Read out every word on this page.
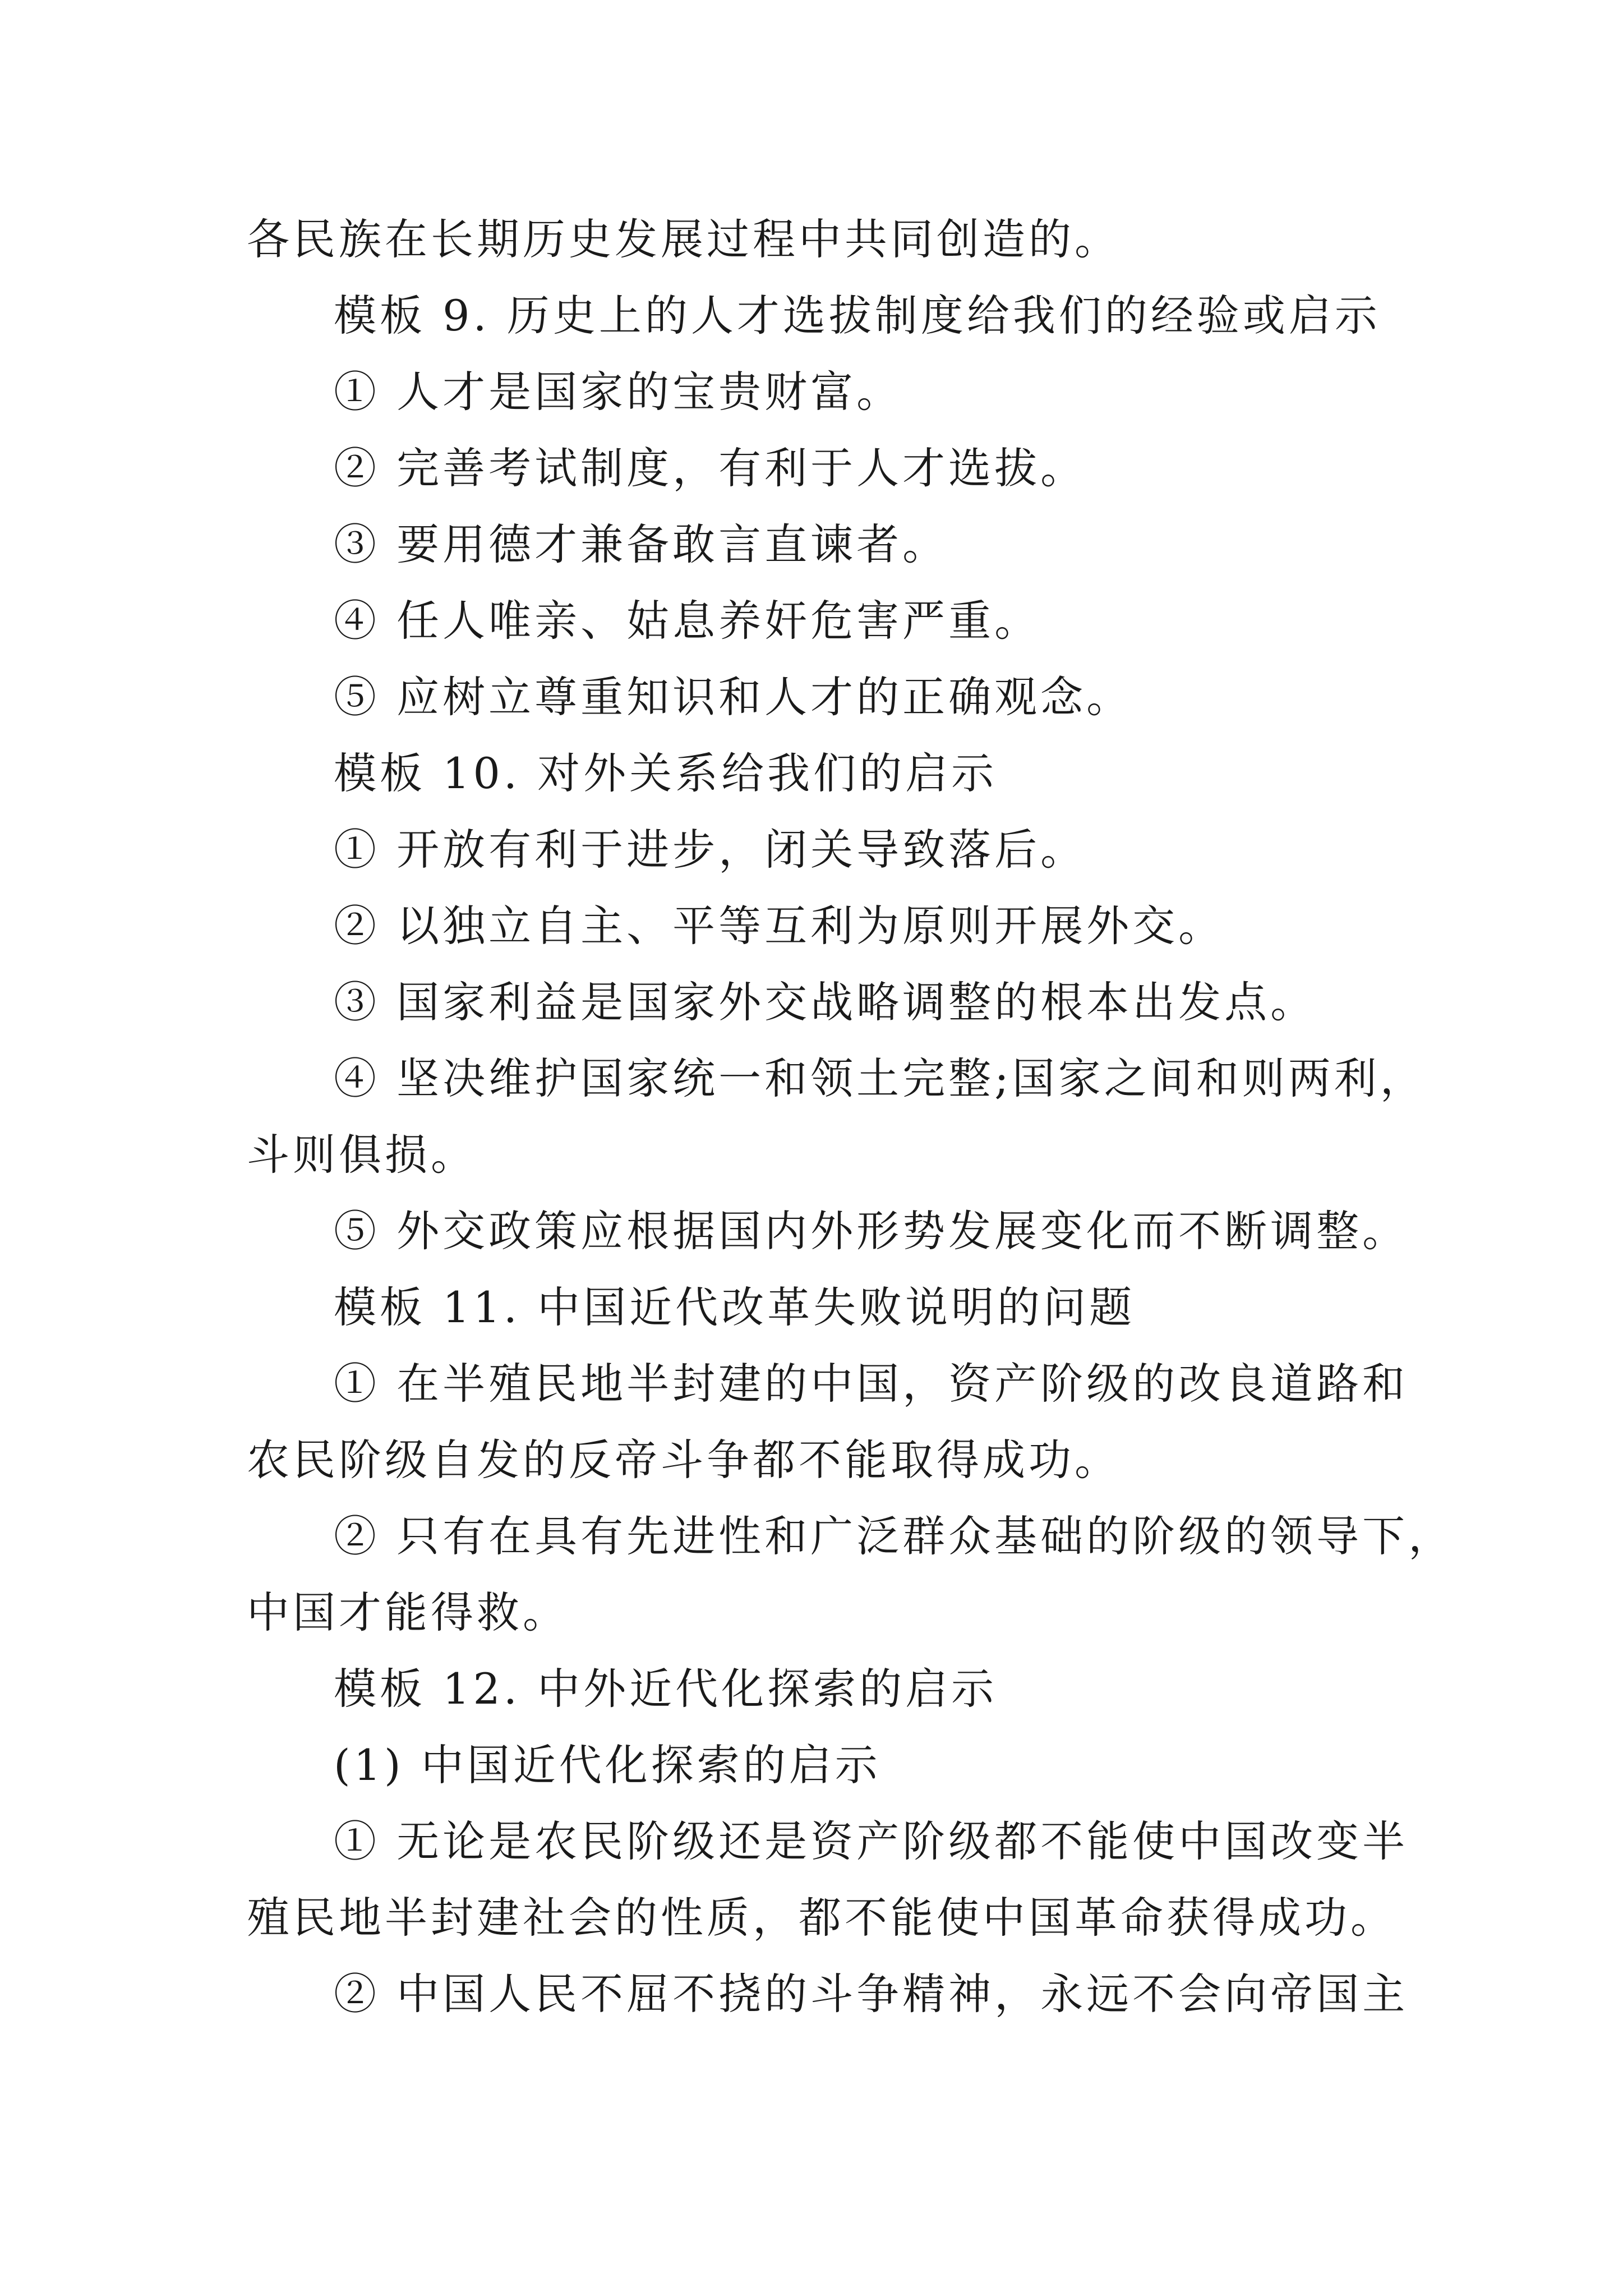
各民族在长期历史发展过程中共同创造的。
模板 9. 历史上的人才选拔制度给我们的经验或启示
① 人才是国家的宝贵财富。
② 完善考试制度，有利于人才选拔。
③ 要用德才兼备敢言直谏者。
④ 任人唯亲、姑息养奸危害严重。
⑤ 应树立尊重知识和人才的正确观念。
模板 10. 对外关系给我们的启示
① 开放有利于进步，闭关导致落后。
② 以独立自主、平等互利为原则开展外交。
③ 国家利益是国家外交战略调整的根本出发点。
④ 坚决维护国家统一和领土完整;国家之间和则两利，
斗则俱损。
⑤ 外交政策应根据国内外形势发展变化而不断调整。
模板 11. 中国近代改革失败说明的问题
① 在半殖民地半封建的中国，资产阶级的改良道路和
农民阶级自发的反帝斗争都不能取得成功。
② 只有在具有先进性和广泛群众基础的阶级的领导下，
中国才能得救。
模板 12. 中外近代化探索的启示
(1) 中国近代化探索的启示
① 无论是农民阶级还是资产阶级都不能使中国改变半
殖民地半封建社会的性质，都不能使中国革命获得成功。
② 中国人民不屈不挠的斗争精神，永远不会向帝国主
